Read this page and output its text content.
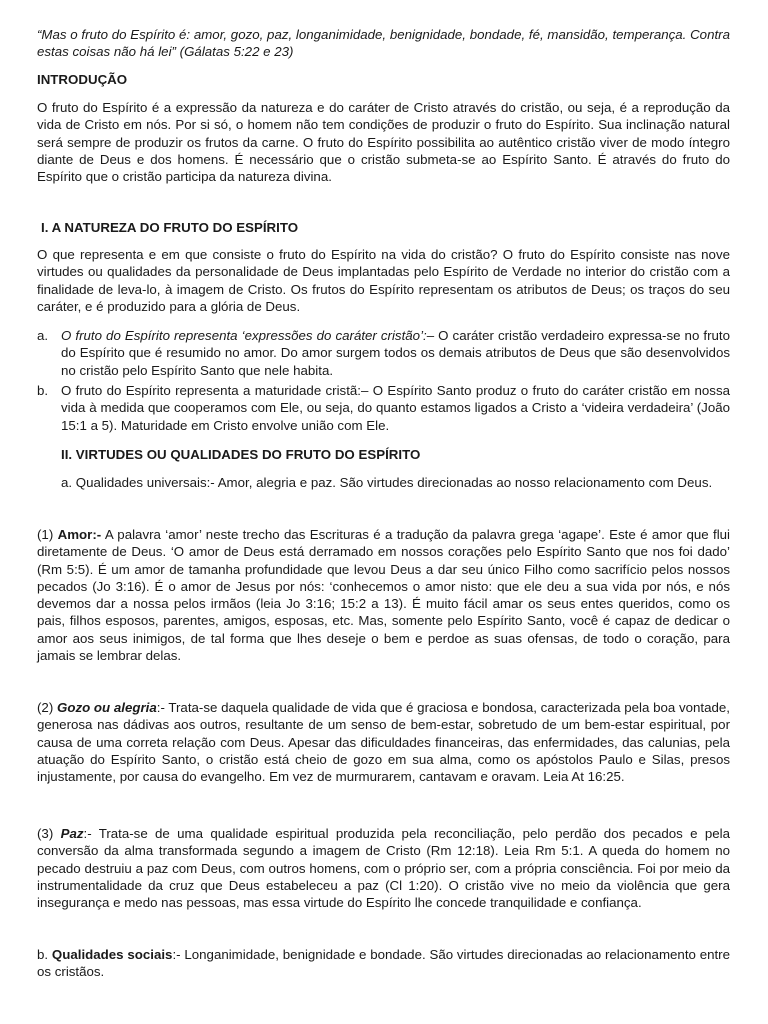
“Mas o fruto do Espírito é: amor, gozo, paz, longanimidade, benignidade, bondade, fé, mansidão, temperança. Contra estas coisas não há lei” (Gálatas 5:22 e 23)

INTRODUÇÃO

O fruto do Espírito é a expressão da natureza e do caráter de Cristo através do cristão, ou seja, é a reprodução da vida de Cristo em nós. Por si só, o homem não tem condições de produzir o fruto do Espírito. Sua inclinação natural será sempre de produzir os frutos da carne. O fruto do Espírito possibilita ao autêntico cristão viver de modo íntegro diante de Deus e dos homens. É necessário que o cristão submeta-se ao Espírito Santo. É através do fruto do Espírito que o cristão participa da natureza divina.

I. A NATUREZA DO FRUTO DO ESPÍRITO

O que representa e em que consiste o fruto do Espírito na vida do cristão? O fruto do Espírito consiste nas nove virtudes ou qualidades da personalidade de Deus implantadas pelo Espírito de Verdade no interior do cristão com a finalidade de leva-lo, à imagem de Cristo. Os frutos do Espírito representam os atributos de Deus; os traços do seu caráter, e é produzido para a glória de Deus.

a. O fruto do Espírito representa ‘expressões do caráter cristão’:– O caráter cristão verdadeiro expressa-se no fruto do Espírito que é resumido no amor. Do amor surgem todos os demais atributos de Deus que são desenvolvidos no cristão pelo Espírito Santo que nele habita.
b. O fruto do Espírito representa a maturidade cristã:– O Espírito Santo produz o fruto do caráter cristão em nossa vida à medida que cooperamos com Ele, ou seja, do quanto estamos ligados a Cristo a ‘videira verdadeira’ (João 15:1 a 5). Maturidade em Cristo envolve união com Ele.
II. VIRTUDES OU QUALIDADES DO FRUTO DO ESPÍRITO

a. Qualidades universais:- Amor, alegria e paz. São virtudes direcionadas ao nosso relacionamento com Deus.

(1) Amor:- A palavra ‘amor’ neste trecho das Escrituras é a tradução da palavra grega ‘agape’. Este é amor que flui diretamente de Deus. ‘O amor de Deus está derramado em nossos corações pelo Espírito Santo que nos foi dado’ (Rm 5:5). É um amor de tamanha profundidade que levou Deus a dar seu único Filho como sacrifício pelos nossos pecados (Jo 3:16). É o amor de Jesus por nós: ‘conhecemos o amor nisto: que ele deu a sua vida por nós, e nós devemos dar a nossa pelos irmãos (leia Jo 3:16; 15:2 a 13). É muito fácil amar os seus entes queridos, como os pais, filhos esposos, parentes, amigos, esposas, etc. Mas, somente pelo Espírito Santo, você é capaz de dedicar o amor aos seus inimigos, de tal forma que lhes deseje o bem e perdoe as suas ofensas, de todo o coração, para jamais se lembrar delas.

(2) Gozo ou alegria:- Trata-se daquela qualidade de vida que é graciosa e bondosa, caracterizada pela boa vontade, generosa nas dádivas aos outros, resultante de um senso de bem-estar, sobretudo de um bem-estar espiritual, por causa de uma correta relação com Deus. Apesar das dificuldades financeiras, das enfermidades, das calunias, pela atuação do Espírito Santo, o cristão está cheio de gozo em sua alma, como os apóstolos Paulo e Silas, presos injustamente, por causa do evangelho. Em vez de murmurarem, cantavam e oravam. Leia At 16:25.

(3) Paz:- Trata-se de uma qualidade espiritual produzida pela reconciliação, pelo perdão dos pecados e pela conversão da alma transformada segundo a imagem de Cristo (Rm 12:18). Leia Rm 5:1. A queda do homem no pecado destruiu a paz com Deus, com outros homens, com o próprio ser, com a própria consciência. Foi por meio da instrumentalidade da cruz que Deus estabeleceu a paz (Cl 1:20). O cristão vive no meio da violência que gera insegurança e medo nas pessoas, mas essa virtude do Espírito lhe concede tranquilidade e confiança.

b. Qualidades sociais:- Longanimidade, benignidade e bondade. São virtudes direcionadas ao relacionamento entre os cristãos.
